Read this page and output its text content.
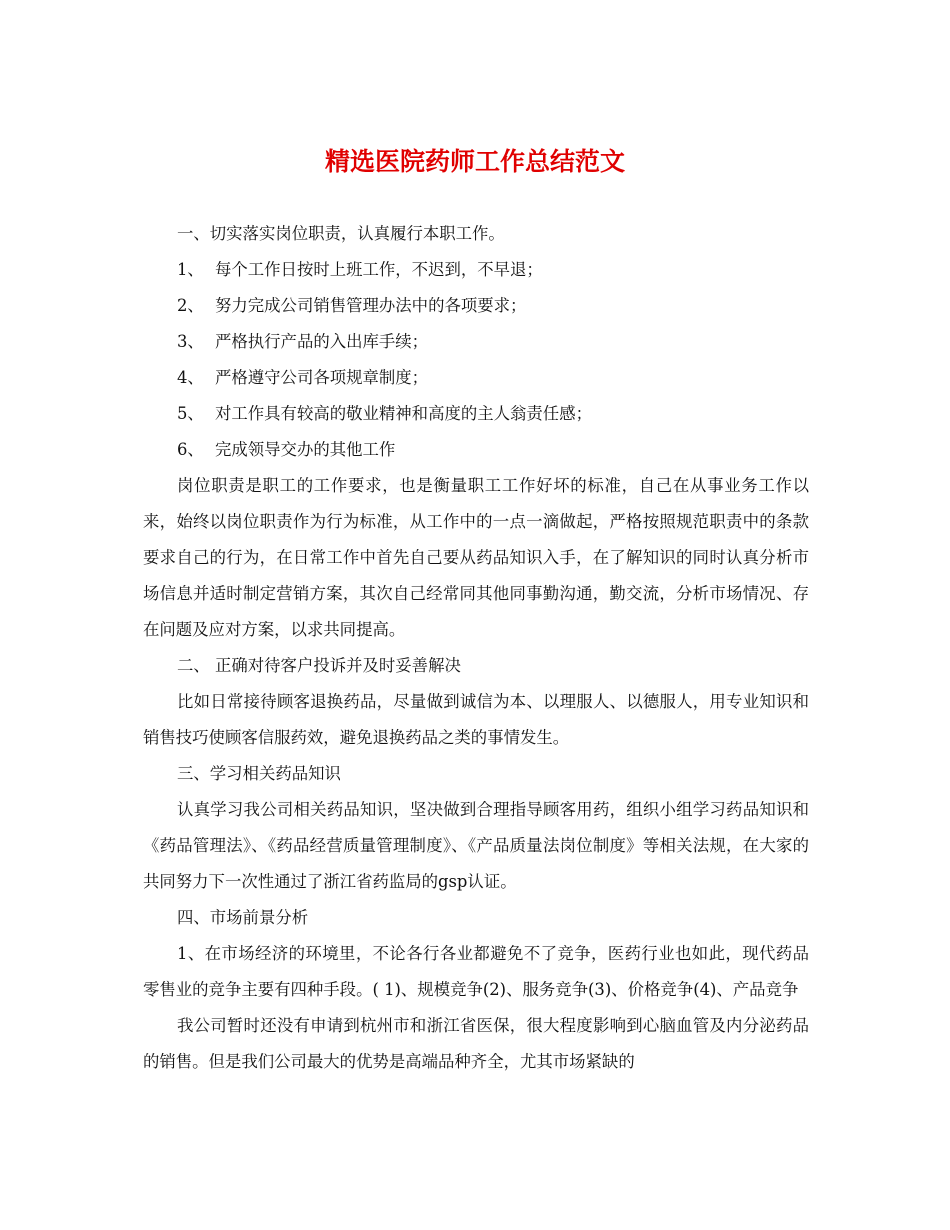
精选医院药师工作总结范文

一、切实落实岗位职责，认真履行本职工作。

1、 每个工作日按时上班工作，不迟到，不早退；

2、 努力完成公司销售管理办法中的各项要求；

3、 严格执行产品的入出库手续；

4、 严格遵守公司各项规章制度；

5、 对工作具有较高的敬业精神和高度的主人翁责任感；

6、 完成领导交办的其他工作

岗位职责是职工的工作要求，也是衡量职工工作好坏的标准，自己在从事业务工作以来，始终以岗位职责作为行为标准，从工作中的一点一滴做起，严格按照规范职责中的条款要求自己的行为，在日常工作中首先自己要从药品知识入手，在了解知识的同时认真分析市场信息并适时制定营销方案，其次自己经常同其他同事勤沟通，勤交流，分析市场情况、存在问题及应对方案，以求共同提高。

二、 正确对待客户投诉并及时妥善解决

比如日常接待顾客退换药品，尽量做到诚信为本、以理服人、以德服人，用专业知识和销售技巧使顾客信服药效，避免退换药品之类的事情发生。

三、学习相关药品知识

认真学习我公司相关药品知识，坚决做到合理指导顾客用药，组织小组学习药品知识和《药品管理法》、《药品经营质量管理制度》、《产品质量法岗位制度》等相关法规，在大家的共同努力下一次性通过了浙江省药监局的gsp认证。

四、市场前景分析

1、在市场经济的环境里，不论各行各业都避免不了竞争，医药行业也如此，现代药品零售业的竞争主要有四种手段。( 1)、规模竞争(2)、服务竞争(3)、价格竞争(4)、产品竞争

我公司暂时还没有申请到杭州市和浙江省医保，很大程度影响到心脑血管及内分泌药品的销售。但是我们公司最大的优势是高端品种齐全，尤其市场紧缺的
